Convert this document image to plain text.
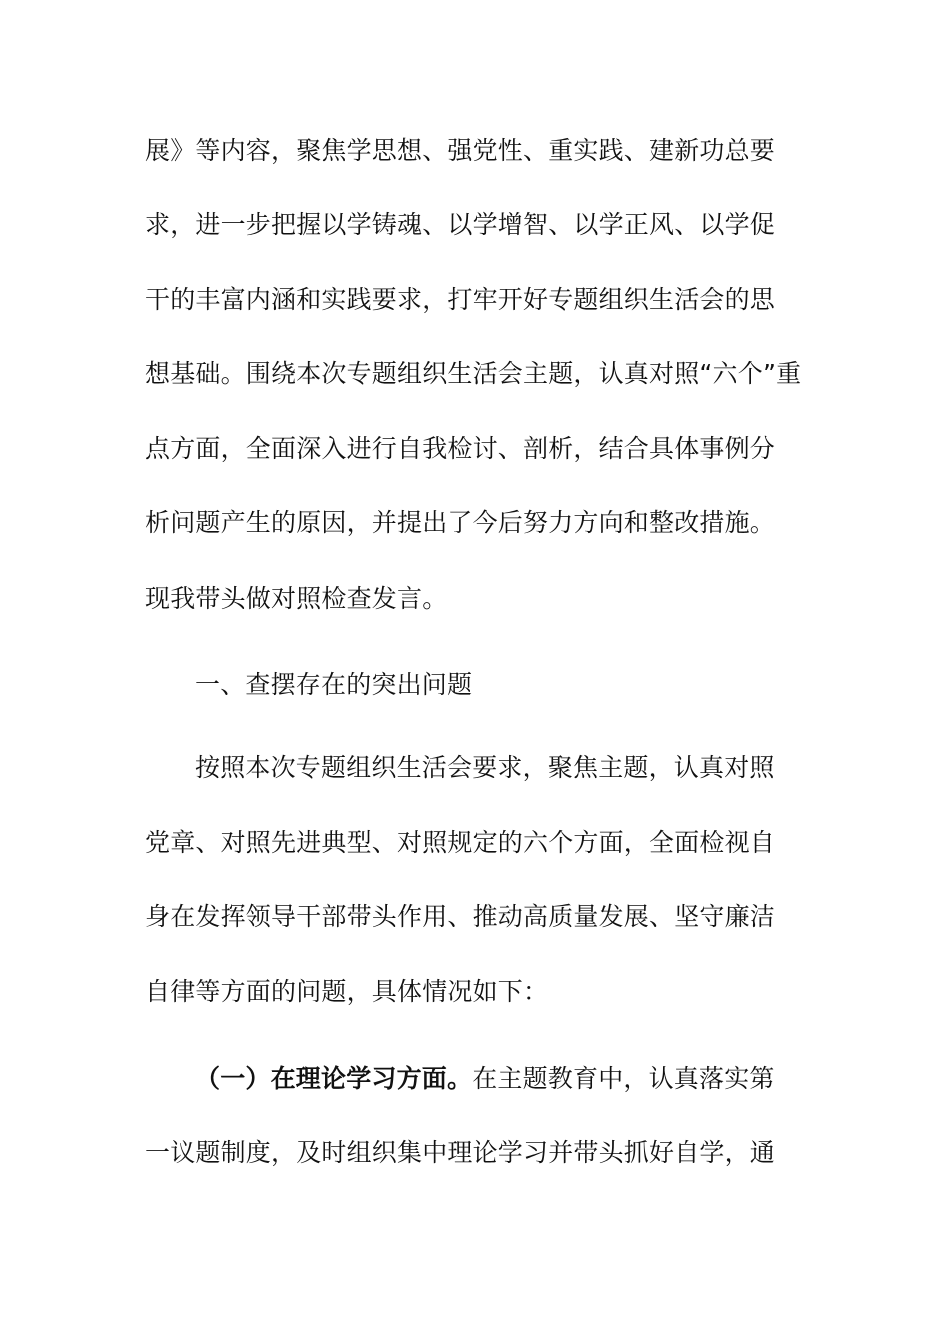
展》等内容，聚焦学思想、强党性、重实践、建新功总要
求，进一步把握以学铸魂、以学增智、以学正风、以学促
干的丰富内涵和实践要求，打牢开好专题组织生活会的思
想基础。围绕本次专题组织生活会主题，认真对照“六个”重
点方面，全面深入进行自我检讨、剖析，结合具体事例分
析问题产生的原因，并提出了今后努力方向和整改措施。
现我带头做对照检查发言。
一、查摆存在的突出问题
按照本次专题组织生活会要求，聚焦主题，认真对照
党章、对照先进典型、对照规定的六个方面，全面检视自
身在发挥领导干部带头作用、推动高质量发展、坚守廉洁
自律等方面的问题，具体情况如下：
（一）在理论学习方面。在主题教育中，认真落实第
一议题制度，及时组织集中理论学习并带头抓好自学，通
